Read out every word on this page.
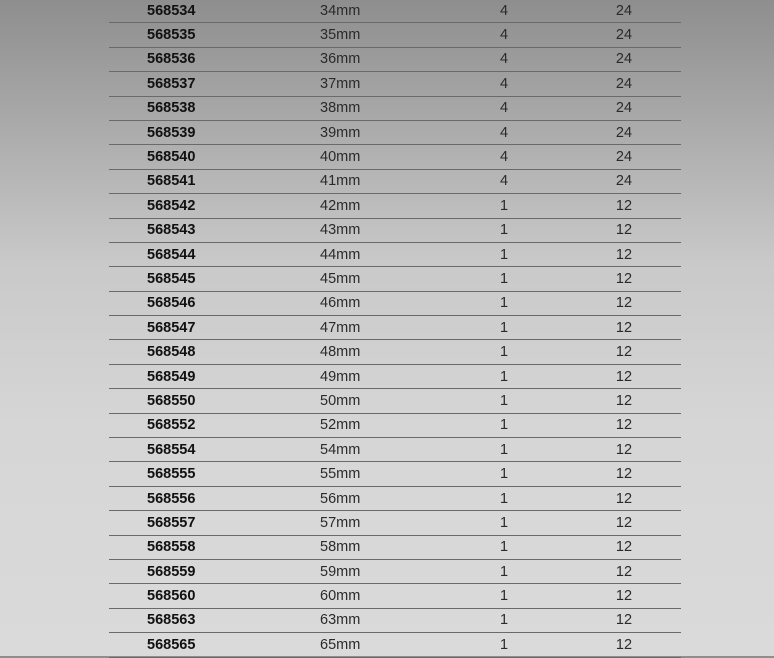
568534	34mm	4	24
568535	35mm	4	24
568536	36mm	4	24
568537	37mm	4	24
568538	38mm	4	24
568539	39mm	4	24
568540	40mm	4	24
568541	41mm	4	24
568542	42mm	1	12
568543	43mm	1	12
568544	44mm	1	12
568545	45mm	1	12
568546	46mm	1	12
568547	47mm	1	12
568548	48mm	1	12
568549	49mm	1	12
568550	50mm	1	12
568552	52mm	1	12
568554	54mm	1	12
568555	55mm	1	12
568556	56mm	1	12
568557	57mm	1	12
568558	58mm	1	12
568559	59mm	1	12
568560	60mm	1	12
568563	63mm	1	12
568565	65mm	1	12
